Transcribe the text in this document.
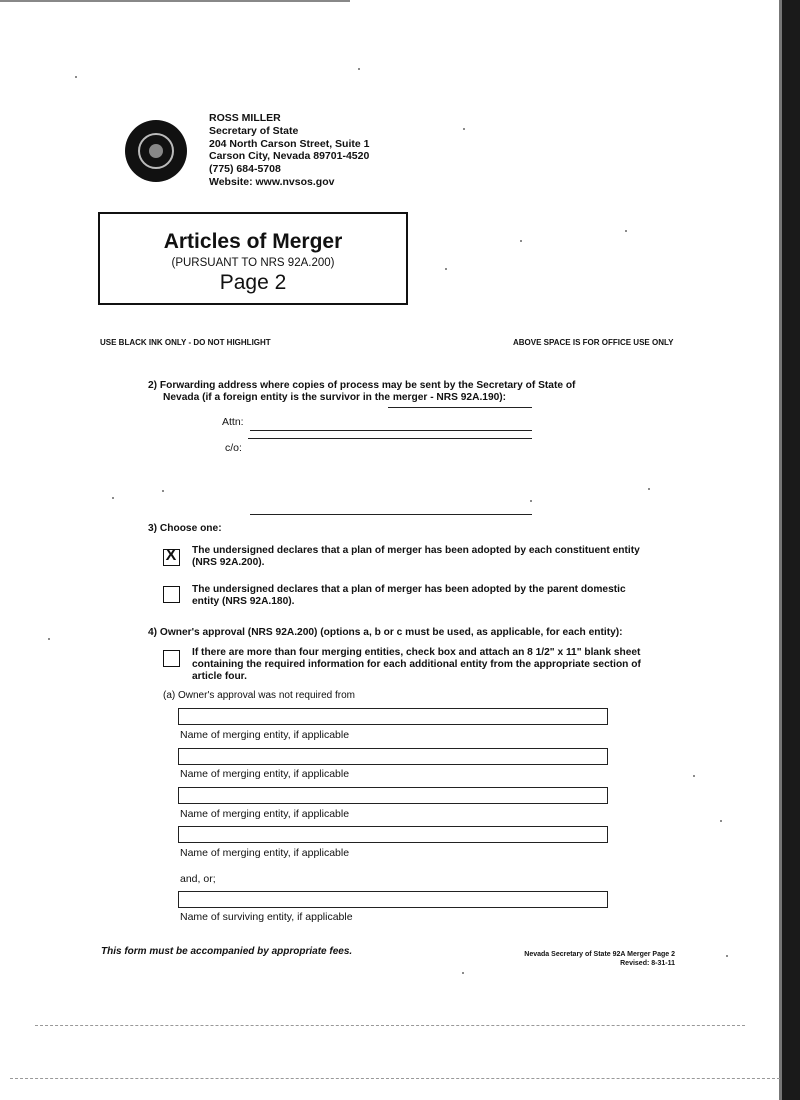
ROSS MILLER
Secretary of State
204 North Carson Street, Suite 1
Carson City, Nevada 89701-4520
(775) 684-5708
Website: www.nvsos.gov
Articles of Merger
(PURSUANT TO NRS 92A.200)
Page 2
USE BLACK INK ONLY - DO NOT HIGHLIGHT	ABOVE SPACE IS FOR OFFICE USE ONLY
2) Forwarding address where copies of process may be sent by the Secretary of State of
Nevada (if a foreign entity is the survivor in the merger - NRS 92A.190):
Attn:
c/o:
3) Choose one:
X The undersigned declares that a plan of merger has been adopted by each constituent entity
(NRS 92A.200).
The undersigned declares that a plan of merger has been adopted by the parent domestic
entity (NRS 92A.180).
4) Owner's approval (NRS 92A.200) (options a, b or c must be used, as applicable, for each entity):
If there are more than four merging entities, check box and attach an 8 1/2" x 11" blank sheet
containing the required information for each additional entity from the appropriate section of
article four.
(a) Owner's approval was not required from
Name of merging entity, if applicable
Name of merging entity, if applicable
Name of merging entity, if applicable
Name of merging entity, if applicable
and, or;
Name of surviving entity, if applicable
This form must be accompanied by appropriate fees.	Nevada Secretary of State 92A Merger Page 2
Revised: 8-31-11
